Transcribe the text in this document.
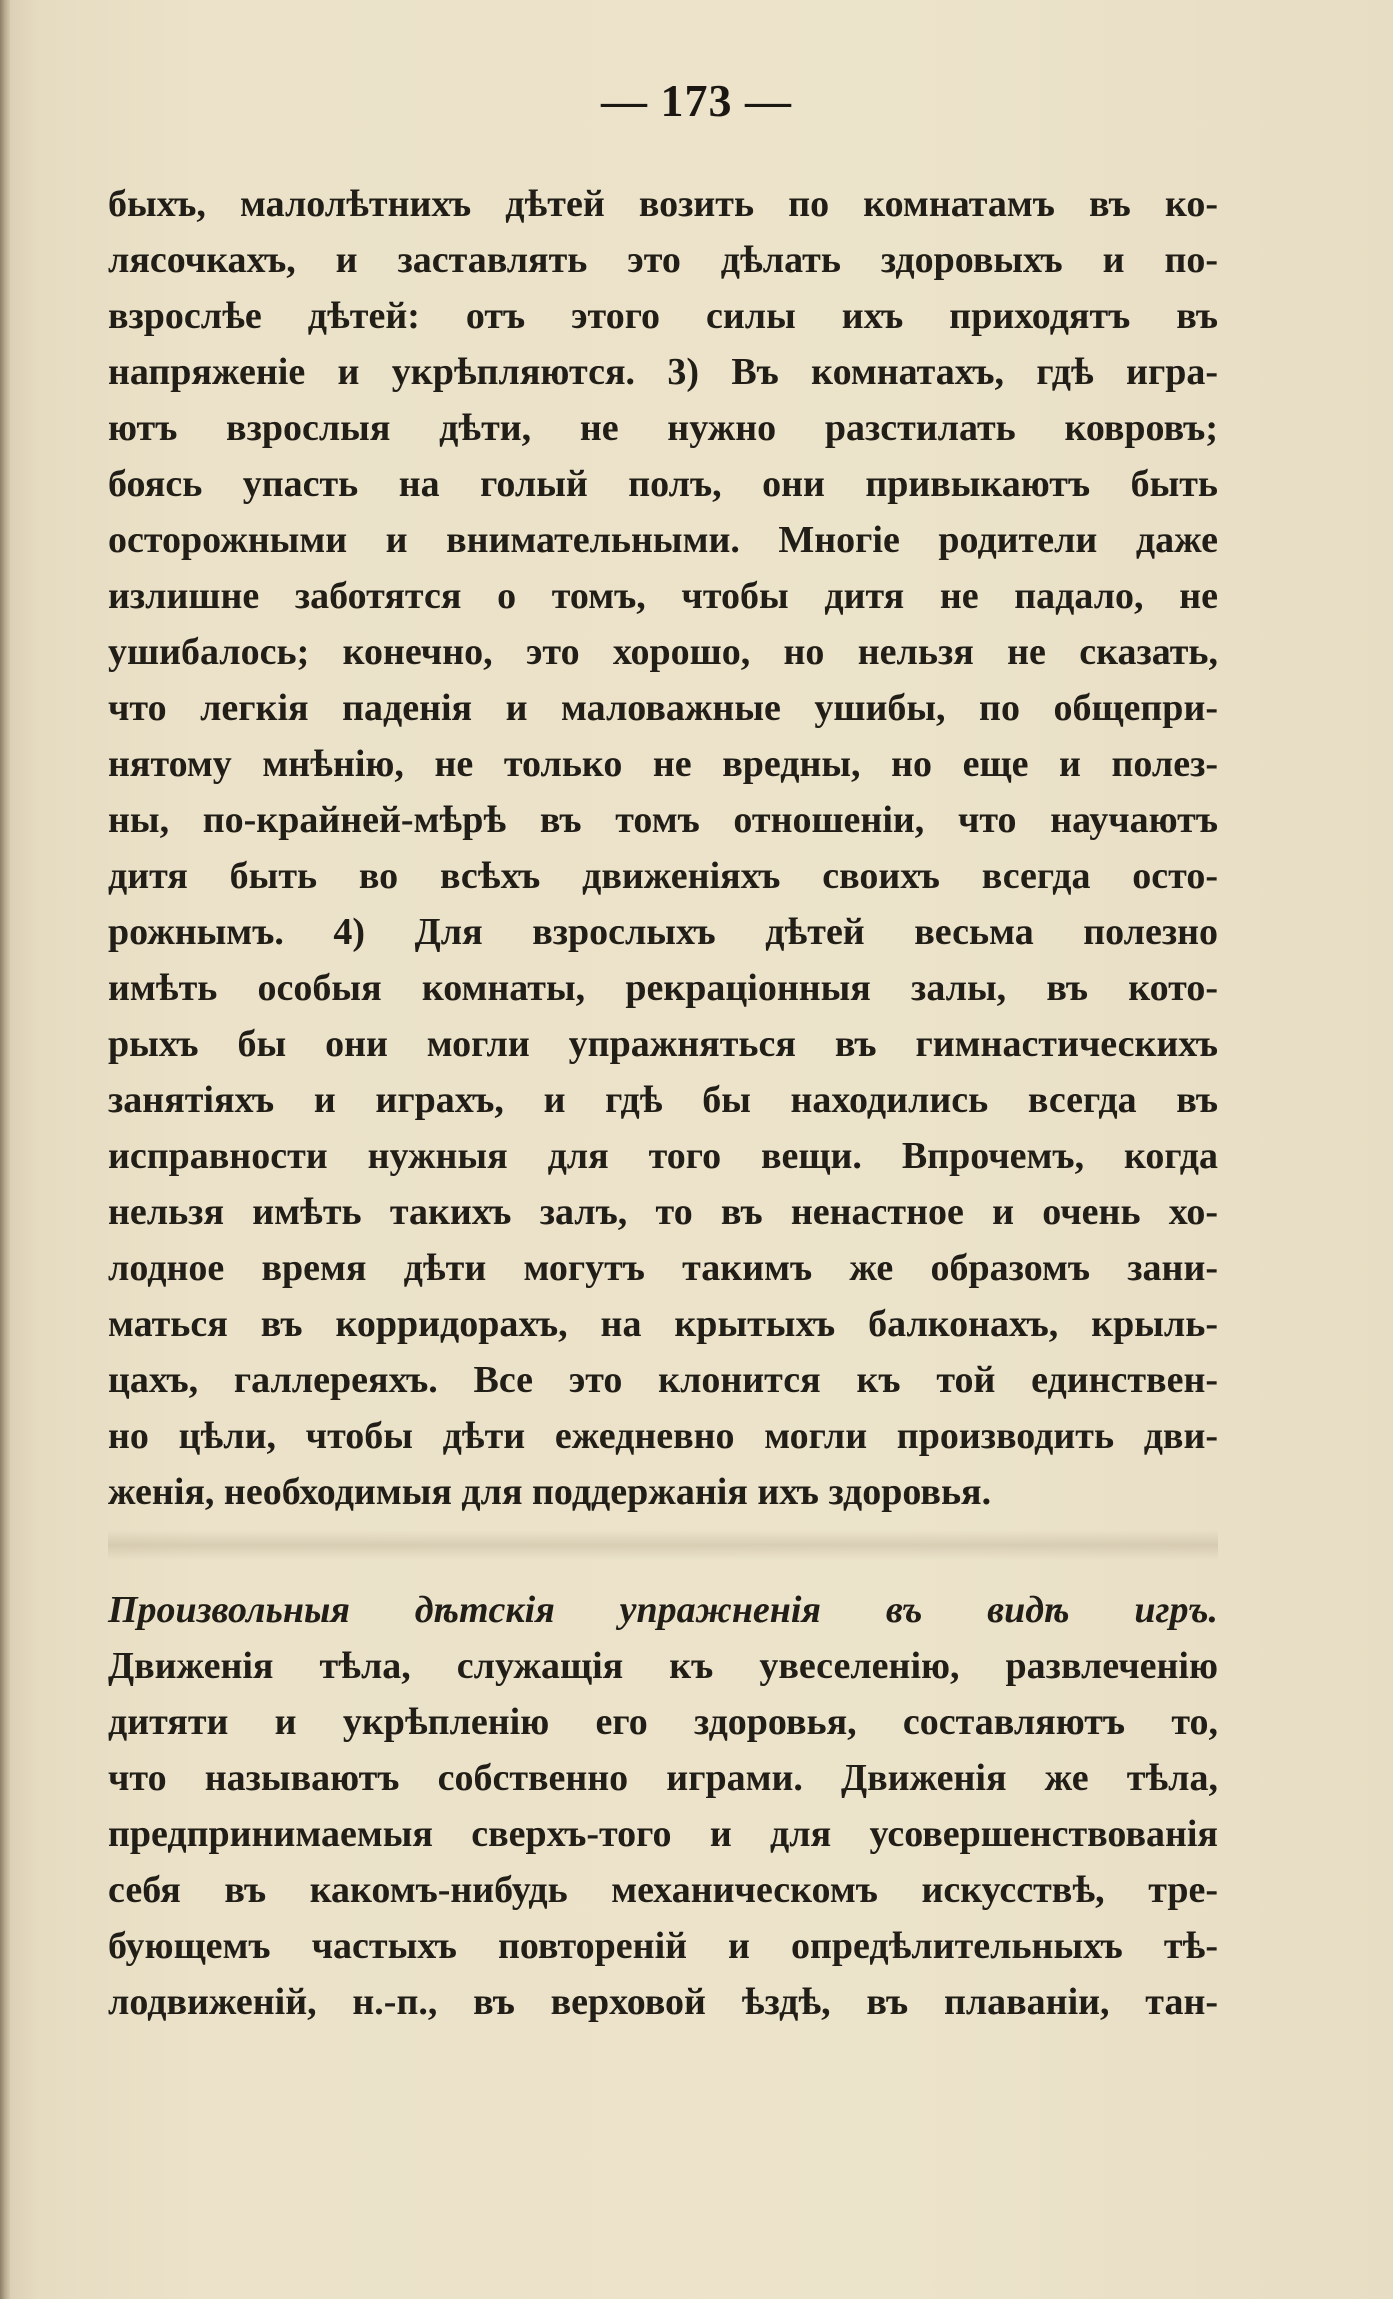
— 173 —
быхъ, малолѣтнихъ дѣтей возить по комнатамъ въ ко-
лясочкахъ, и заставлять это дѣлать здоровыхъ и по-
взрослѣе дѣтей: отъ этого силы ихъ приходятъ въ
напряженіе и укрѣпляются. 3) Въ комнатахъ, гдѣ игра-
ютъ взрослыя дѣти, не нужно разстилать ковровъ;
боясь упасть на голый полъ, они привыкаютъ быть
осторожными и внимательными. Многіе родители даже
излишне заботятся о томъ, чтобы дитя не падало, не
ушибалось; конечно, это хорошо, но нельзя не сказать,
что легкія паденія и маловажные ушибы, по общепри-
нятому мнѣнію, не только не вредны, но еще и полез-
ны, по-крайней-мѣрѣ въ томъ отношеніи, что научаютъ
дитя быть во всѣхъ движеніяхъ своихъ всегда осто-
рожнымъ. 4) Для взрослыхъ дѣтей весьма полезно
имѣть особыя комнаты, рекраціонныя залы, въ кото-
рыхъ бы они могли упражняться въ гимнастическихъ
занятіяхъ и играхъ, и гдѣ бы находились всегда въ
исправности нужныя для того вещи. Впрочемъ, когда
нельзя имѣть такихъ залъ, то въ ненастное и очень хо-
лодное время дѣти могутъ такимъ же образомъ зани-
маться въ корридорахъ, на крытыхъ балконахъ, крыль-
цахъ, галлереяхъ. Все это клонится къ той единствен-
но цѣли, чтобы дѣти ежедневно могли производить дви-
женія, необходимыя для поддержанія ихъ здоровья.
Произвольныя дѣтскія упражненія въ видѣ игръ.
Движенія тѣла, служащія къ увеселенію, развлеченію
дитяти и укрѣпленію его здоровья, составляютъ то,
что называютъ собственно играми. Движенія же тѣла,
предпринимаемыя сверхъ-того и для усовершенствованія
себя въ какомъ-нибудь механическомъ искусствѣ, тре-
бующемъ частыхъ повтореній и опредѣлительныхъ тѣ-
лодвиженій, н.-п., въ верховой ѣздѣ, въ плаваніи, тан-
